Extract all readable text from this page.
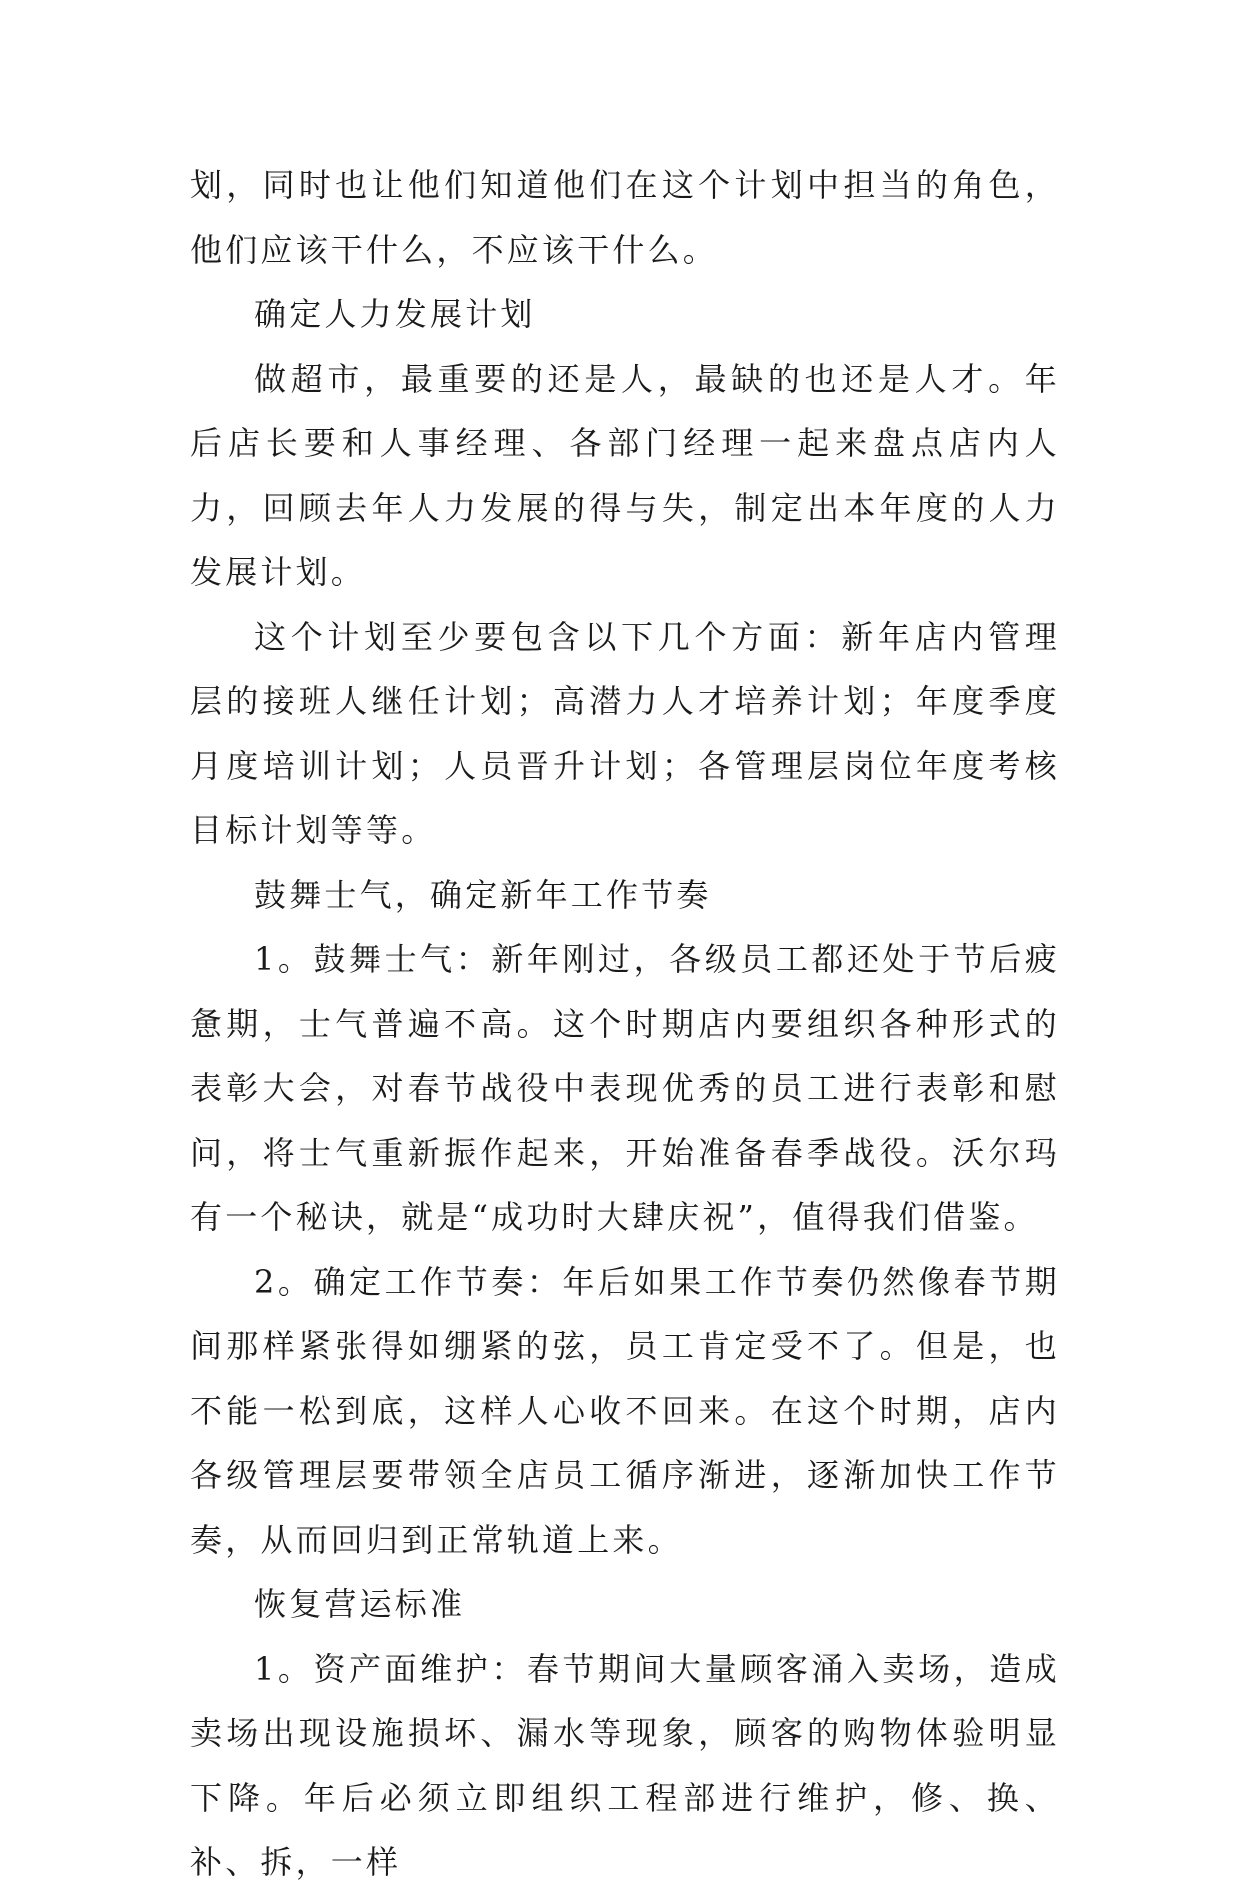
划，同时也让他们知道他们在这个计划中担当的角色，他们应该干什么，不应该干什么。

确定人力发展计划

做超市，最重要的还是人，最缺的也还是人才。年后店长要和人事经理、各部门经理一起来盘点店内人力，回顾去年人力发展的得与失，制定出本年度的人力发展计划。

这个计划至少要包含以下几个方面：新年店内管理层的接班人继任计划；高潜力人才培养计划；年度季度月度培训计划；人员晋升计划；各管理层岗位年度考核目标计划等等。

鼓舞士气，确定新年工作节奏

1。鼓舞士气：新年刚过，各级员工都还处于节后疲惫期，士气普遍不高。这个时期店内要组织各种形式的表彰大会，对春节战役中表现优秀的员工进行表彰和慰问，将士气重新振作起来，开始准备春季战役。沃尔玛有一个秘诀，就是“成功时大肆庆祝”，值得我们借鉴。

2。确定工作节奏：年后如果工作节奏仍然像春节期间那样紧张得如绷紧的弦，员工肯定受不了。但是，也不能一松到底，这样人心收不回来。在这个时期，店内各级管理层要带领全店员工循序渐进，逐渐加快工作节奏，从而回归到正常轨道上来。

恢复营运标准

1。资产面维护：春节期间大量顾客涌入卖场，造成卖场出现设施损坏、漏水等现象，顾客的购物体验明显下降。年后必须立即组织工程部进行维护，修、换、补、拆，一样
